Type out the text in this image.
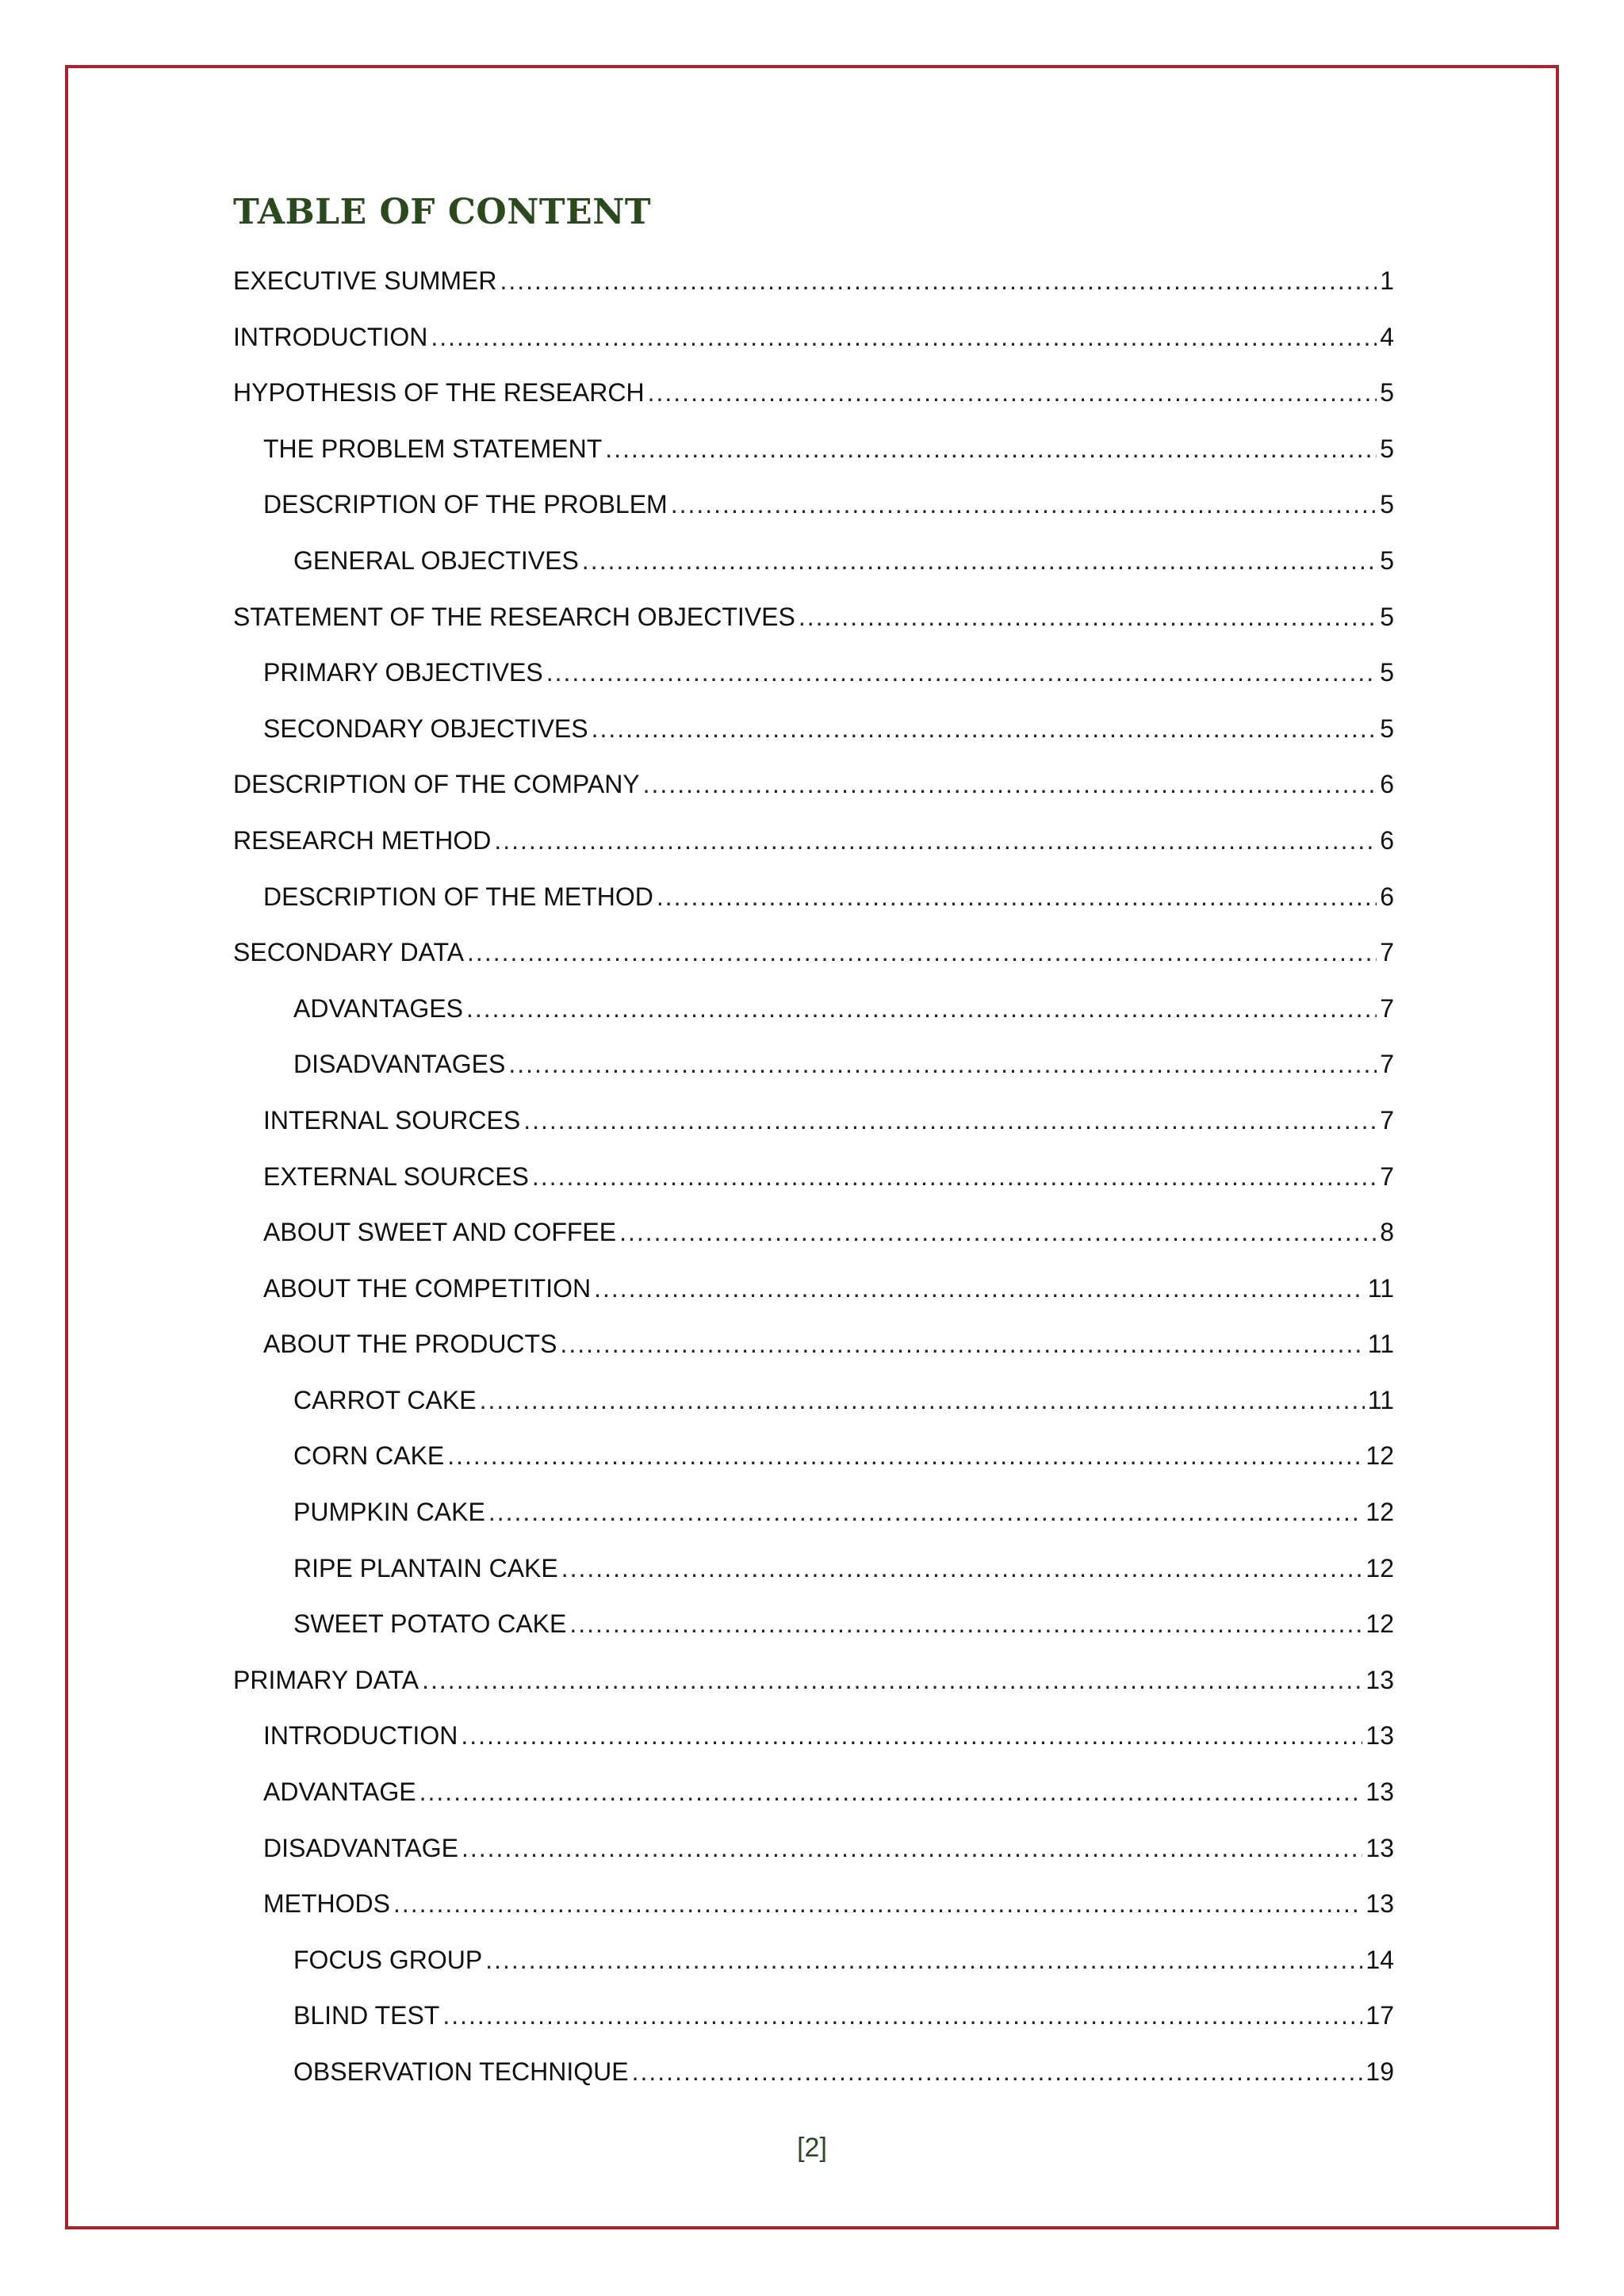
TABLE OF CONTENT
EXECUTIVE SUMMER .....	1
INTRODUCTION .....	4
HYPOTHESIS OF THE RESEARCH .....	5
THE PROBLEM STATEMENT .....	5
DESCRIPTION OF THE PROBLEM .....	5
GENERAL OBJECTIVES .....	5
STATEMENT OF THE RESEARCH OBJECTIVES .....	5
PRIMARY OBJECTIVES .....	5
SECONDARY OBJECTIVES .....	5
DESCRIPTION OF THE COMPANY .....	6
RESEARCH METHOD .....	6
DESCRIPTION OF THE METHOD .....	6
SECONDARY DATA .....	7
ADVANTAGES .....	7
DISADVANTAGES .....	7
INTERNAL SOURCES .....	7
EXTERNAL SOURCES .....	7
ABOUT SWEET AND COFFEE .....	8
ABOUT THE COMPETITION .....	11
ABOUT THE PRODUCTS .....	11
CARROT CAKE .....	11
CORN CAKE .....	12
PUMPKIN CAKE .....	12
RIPE PLANTAIN CAKE .....	12
SWEET POTATO CAKE .....	12
PRIMARY DATA .....	13
INTRODUCTION .....	13
ADVANTAGE .....	13
DISADVANTAGE .....	13
METHODS .....	13
FOCUS GROUP .....	14
BLIND TEST .....	17
OBSERVATION TECHNIQUE .....	19
[2]
